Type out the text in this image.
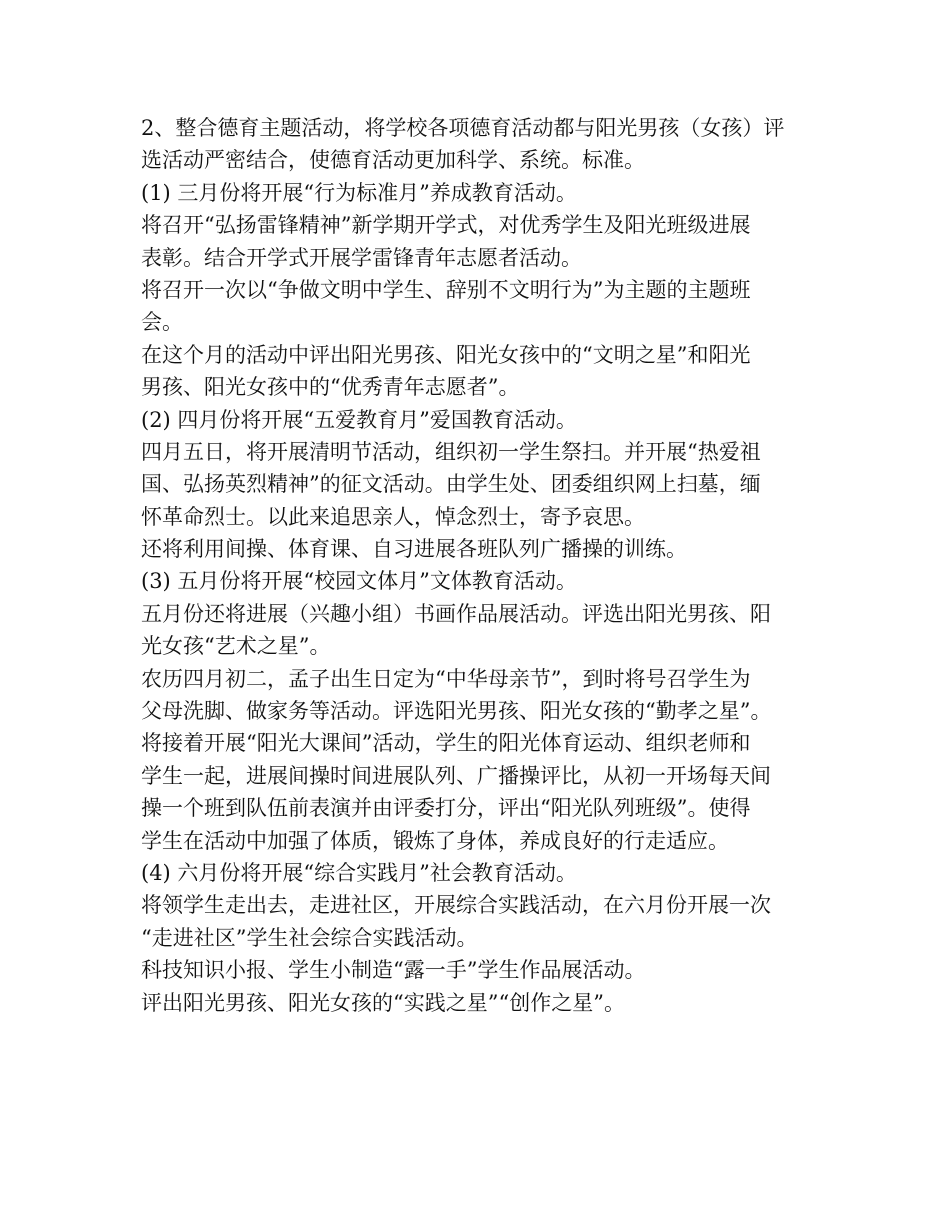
2、整合德育主题活动，将学校各项德育活动都与阳光男孩（女孩）评
选活动严密结合，使德育活动更加科学、系统。标准。
(1) 三月份将开展“行为标准月”养成教育活动。
将召开“弘扬雷锋精神”新学期开学式，对优秀学生及阳光班级进展
表彰。结合开学式开展学雷锋青年志愿者活动。
将召开一次以“争做文明中学生、辞别不文明行为”为主题的主题班
会。
在这个月的活动中评出阳光男孩、阳光女孩中的“文明之星”和阳光
男孩、阳光女孩中的“优秀青年志愿者”。
(2) 四月份将开展“五爱教育月”爱国教育活动。
四月五日，将开展清明节活动，组织初一学生祭扫。并开展“热爱祖
国、弘扬英烈精神”的征文活动。由学生处、团委组织网上扫墓，缅
怀革命烈士。以此来追思亲人，悼念烈士，寄予哀思。
还将利用间操、体育课、自习进展各班队列广播操的训练。
(3) 五月份将开展“校园文体月”文体教育活动。
五月份还将进展（兴趣小组）书画作品展活动。评选出阳光男孩、阳
光女孩“艺术之星”。
农历四月初二，孟子出生日定为“中华母亲节”，到时将号召学生为
父母洗脚、做家务等活动。评选阳光男孩、阳光女孩的“勤孝之星”。
将接着开展“阳光大课间”活动，学生的阳光体育运动、组织老师和
学生一起，进展间操时间进展队列、广播操评比，从初一开场每天间
操一个班到队伍前表演并由评委打分，评出“阳光队列班级”。使得
学生在活动中加强了体质，锻炼了身体，养成良好的行走适应。
(4) 六月份将开展“综合实践月”社会教育活动。
将领学生走出去，走进社区，开展综合实践活动，在六月份开展一次
“走进社区”学生社会综合实践活动。
科技知识小报、学生小制造“露一手”学生作品展活动。
评出阳光男孩、阳光女孩的“实践之星”“创作之星”。
